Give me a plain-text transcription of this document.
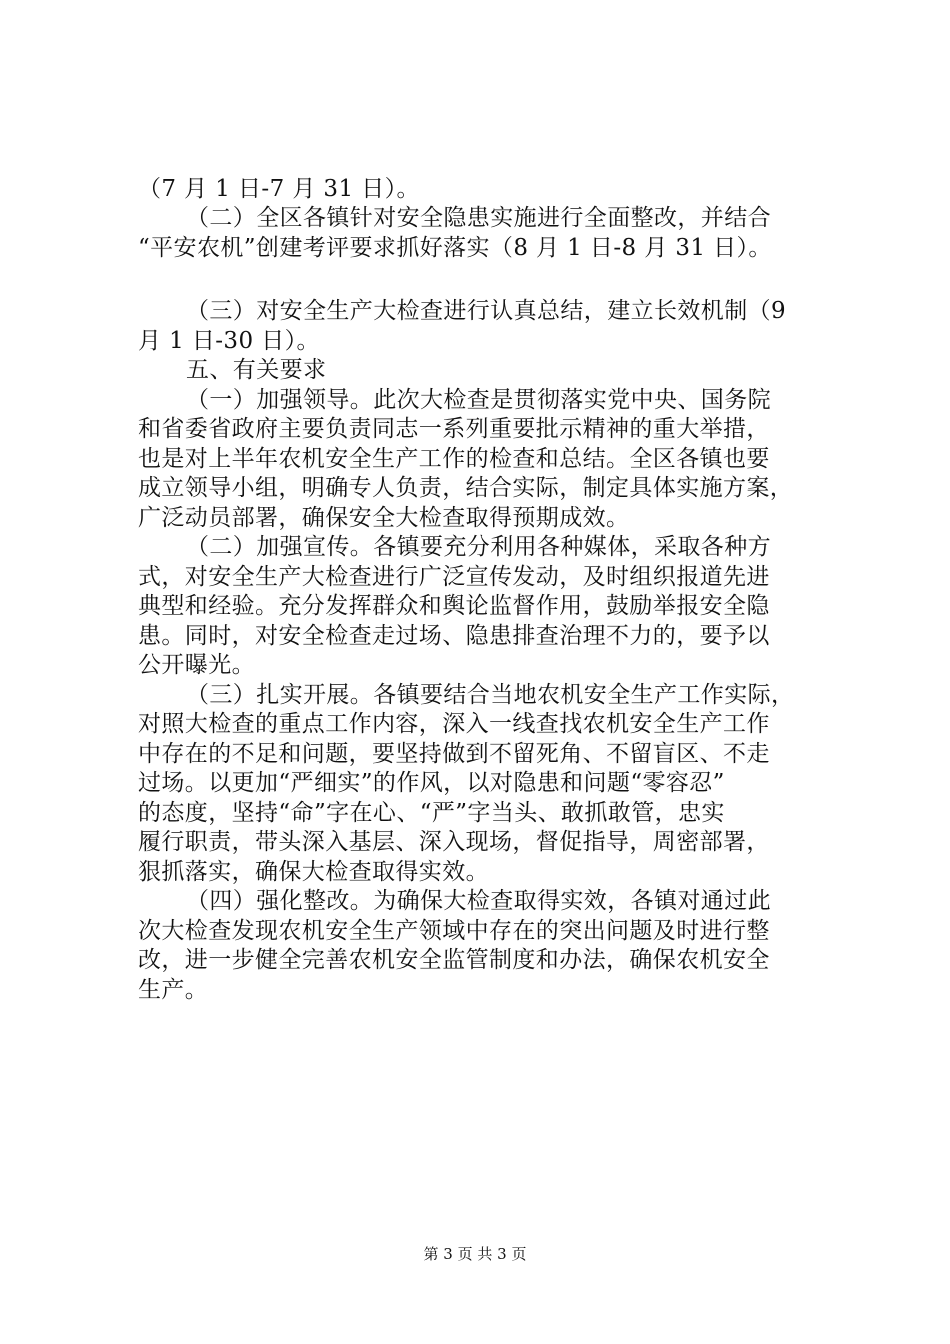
（7 月 1 日-7 月 31 日）。
（二）全区各镇针对安全隐患实施进行全面整改，并结合
“平安农机”创建考评要求抓好落实（8 月 1 日-8 月 31 日）。
（三）对安全生产大检查进行认真总结，建立长效机制（9
月 1 日-30 日）。
五、有关要求
（一）加强领导。此次大检查是贯彻落实党中央、国务院
和省委省政府主要负责同志一系列重要批示精神的重大举措，
也是对上半年农机安全生产工作的检查和总结。全区各镇也要
成立领导小组，明确专人负责，结合实际，制定具体实施方案，
广泛动员部署，确保安全大检查取得预期成效。
（二）加强宣传。各镇要充分利用各种媒体，采取各种方
式，对安全生产大检查进行广泛宣传发动，及时组织报道先进
典型和经验。充分发挥群众和舆论监督作用，鼓励举报安全隐
患。同时，对安全检查走过场、隐患排查治理不力的，要予以
公开曝光。
（三）扎实开展。各镇要结合当地农机安全生产工作实际，
对照大检查的重点工作内容，深入一线查找农机安全生产工作
中存在的不足和问题，要坚持做到不留死角、不留盲区、不走
过场。以更加“严细实”的作风，以对隐患和问题“零容忍”
的态度，坚持“命”字在心、“严”字当头、敢抓敢管，忠实
履行职责，带头深入基层、深入现场，督促指导，周密部署，
狠抓落实，确保大检查取得实效。
（四）强化整改。为确保大检查取得实效，各镇对通过此
次大检查发现农机安全生产领域中存在的突出问题及时进行整
改，进一步健全完善农机安全监管制度和办法，确保农机安全
生产。
第 3 页 共 3 页
